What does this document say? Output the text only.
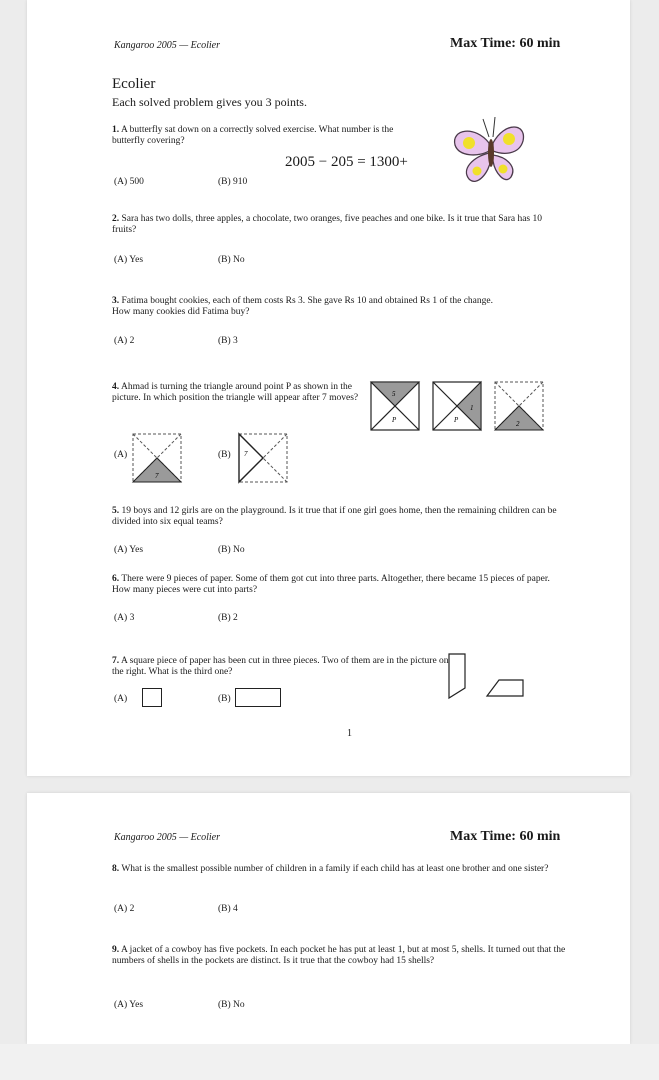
Kangaroo 2005 — Ecolier	Max Time: 60 min
Ecolier
Each solved problem gives you 3 points.
1. A butterfly sat down on a correctly solved exercise. What number is the butterfly covering?
2005 − 205 = 1300+
(A) 500	(B) 910
2. Sara has two dolls, three apples, a chocolate, two oranges, five peaches and one bike. Is it true that Sara has 10 fruits?
(A) Yes	(B) No
3. Fatima bought cookies, each of them costs Rs 3. She gave Rs 10 and obtained Rs 1 of the change. How many cookies did Fatima buy?
(A) 2	(B) 3
4. Ahmad is turning the triangle around point P as shown in the picture. In which position the triangle will appear after 7 moves?	5
P
1
P	2
(A)
7
(B) 7
5. 19 boys and 12 girls are on the playground. Is it true that if one girl goes home, then the remaining children can be divided into six equal teams?
(A) Yes	(B) No
6. There were 9 pieces of paper. Some of them got cut into three parts. Altogether, there became 15 pieces of paper. How many pieces were cut into parts?
(A) 3	(B) 2
7. A square piece of paper has been cut in three pieces. Two of them are in the picture on the right. What is the third one?
(A)	(B)
1
Kangaroo 2005 — Ecolier	Max Time: 60 min
8. What is the smallest possible number of children in a family if each child has at least one brother and one sister?
(A) 2	(B) 4
9. A jacket of a cowboy has five pockets. In each pocket he has put at least 1, but at most 5, shells. It turned out that the numbers of shells in the pockets are distinct. Is it true that the cowboy had 15 shells?
(A) Yes	(B) No
